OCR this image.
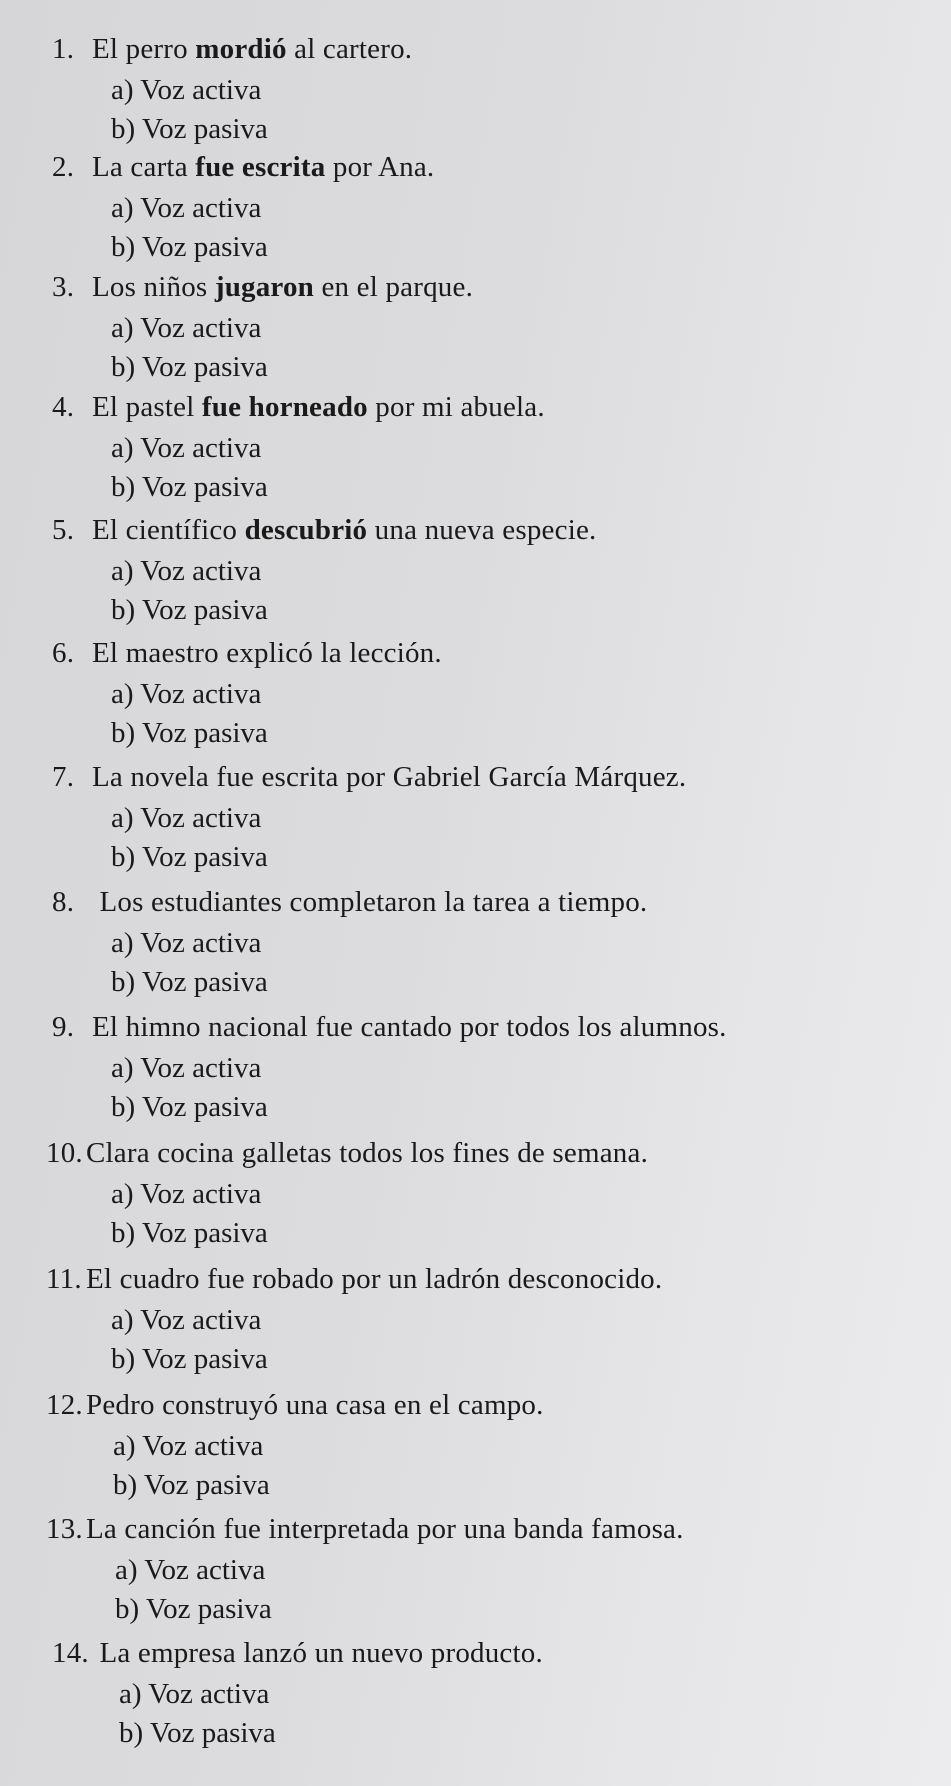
1. El perro mordió al cartero.
a) Voz activa
b) Voz pasiva
2. La carta fue escrita por Ana.
a) Voz activa
b) Voz pasiva
3. Los niños jugaron en el parque.
a) Voz activa
b) Voz pasiva
4. El pastel fue horneado por mi abuela.
a) Voz activa
b) Voz pasiva
5. El científico descubrió una nueva especie.
a) Voz activa
b) Voz pasiva
6. El maestro explicó la lección.
a) Voz activa
b) Voz pasiva
7. La novela fue escrita por Gabriel García Márquez.
a) Voz activa
b) Voz pasiva
8. Los estudiantes completaron la tarea a tiempo.
a) Voz activa
b) Voz pasiva
9. El himno nacional fue cantado por todos los alumnos.
a) Voz activa
b) Voz pasiva
10. Clara cocina galletas todos los fines de semana.
a) Voz activa
b) Voz pasiva
11. El cuadro fue robado por un ladrón desconocido.
a) Voz activa
b) Voz pasiva
12. Pedro construyó una casa en el campo.
a) Voz activa
b) Voz pasiva
13. La canción fue interpretada por una banda famosa.
a) Voz activa
b) Voz pasiva
14. La empresa lanzó un nuevo producto.
a) Voz activa
b) Voz pasiva
